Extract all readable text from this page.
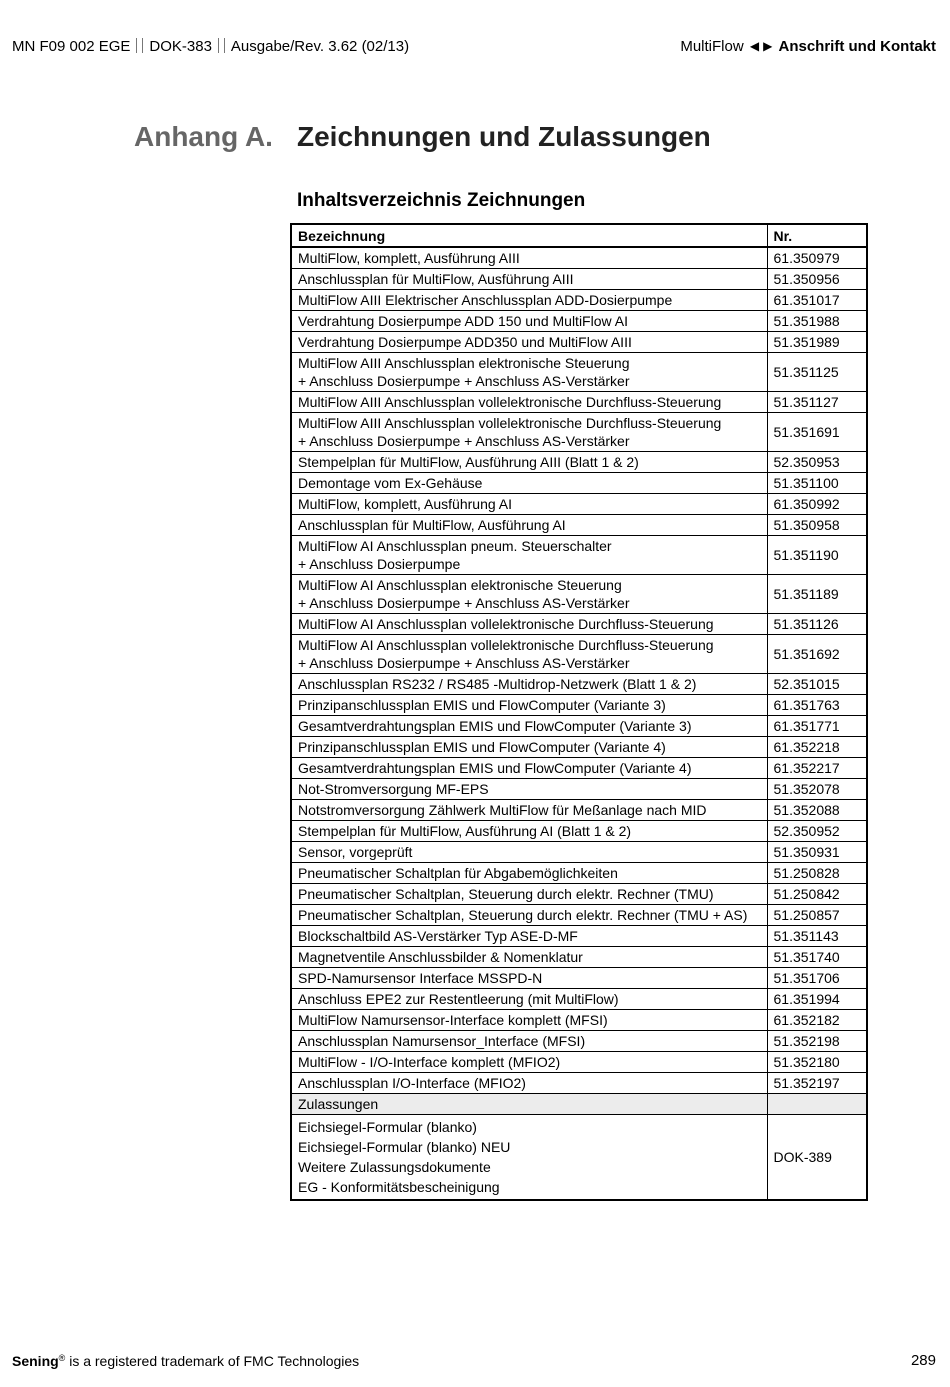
MN F09 002 EGE DOK-383 Ausgabe/Rev. 3.62 (02/13)	MultiFlow ◀ ▶ Anschrift und Kontakt
Anhang A. Zeichnungen und Zulassungen
Inhaltsverzeichnis Zeichnungen
Bezeichnung	Nr.

MultiFlow, komplett, Ausführung AIII	61.350979

Anschlussplan für MultiFlow, Ausführung AIII	51.350956

MultiFlow AIII Elektrischer Anschlussplan ADD-Dosierpumpe	61.351017

Verdrahtung Dosierpumpe ADD 150 und MultiFlow AI	51.351988

Verdrahtung Dosierpumpe ADD350 und MultiFlow AIII	51.351989

MultiFlow AIII Anschlussplan elektronische Steuerung
+ Anschluss Dosierpumpe + Anschluss AS-Verstärker	51.351125

MultiFlow AIII Anschlussplan vollelektronische Durchfluss-Steuerung	51.351127

MultiFlow AIII Anschlussplan vollelektronische Durchfluss-Steuerung
+ Anschluss Dosierpumpe + Anschluss AS-Verstärker	51.351691

Stempelplan für MultiFlow, Ausführung AIII (Blatt 1 & 2)	52.350953

Demontage vom Ex-Gehäuse	51.351100

MultiFlow, komplett, Ausführung AI	61.350992

Anschlussplan für MultiFlow, Ausführung AI	51.350958

MultiFlow AI Anschlussplan pneum. Steuerschalter
+ Anschluss Dosierpumpe	51.351190

MultiFlow AI Anschlussplan elektronische Steuerung
+ Anschluss Dosierpumpe + Anschluss AS-Verstärker	51.351189

MultiFlow AI Anschlussplan vollelektronische Durchfluss-Steuerung	51.351126

MultiFlow AI Anschlussplan vollelektronische Durchfluss-Steuerung
+ Anschluss Dosierpumpe + Anschluss AS-Verstärker	51.351692

Anschlussplan RS232 / RS485 -Multidrop-Netzwerk (Blatt 1 & 2)	52.351015

Prinzipanschlussplan EMIS und FlowComputer (Variante 3)	61.351763

Gesamtverdrahtungsplan EMIS und FlowComputer (Variante 3)	61.351771

Prinzipanschlussplan EMIS und FlowComputer (Variante 4)	61.352218

Gesamtverdrahtungsplan EMIS und FlowComputer (Variante 4)	61.352217

Not-Stromversorgung MF-EPS	51.352078

Notstromversorgung Zählwerk MultiFlow für Meßanlage nach MID	51.352088

Stempelplan für MultiFlow, Ausführung AI (Blatt 1 & 2)	52.350952

Sensor, vorgeprüft	51.350931

Pneumatischer Schaltplan für Abgabemöglichkeiten	51.250828

Pneumatischer Schaltplan, Steuerung durch elektr. Rechner (TMU)	51.250842

Pneumatischer Schaltplan, Steuerung durch elektr. Rechner (TMU + AS)	51.250857

Blockschaltbild AS-Verstärker Typ ASE-D-MF	51.351143

Magnetventile Anschlussbilder & Nomenklatur	51.351740

SPD-Namursensor Interface MSSPD-N	51.351706

Anschluss EPE2 zur Restentleerung (mit MultiFlow)	61.351994

MultiFlow Namursensor-Interface komplett (MFSI)	61.352182

Anschlussplan Namursensor_Interface (MFSI)	51.352198

MultiFlow - I/O-Interface komplett (MFIO2)	51.352180

Anschlussplan I/O-Interface (MFIO2)	51.352197
Zulassungen	

Eichsiegel-Formular (blanko)
Eichsiegel-Formular (blanko) NEU
Weitere Zulassungsdokumente
EG - Konformitätsbescheinigung	DOK-389
Sening® is a registered trademark of FMC Technologies	289
